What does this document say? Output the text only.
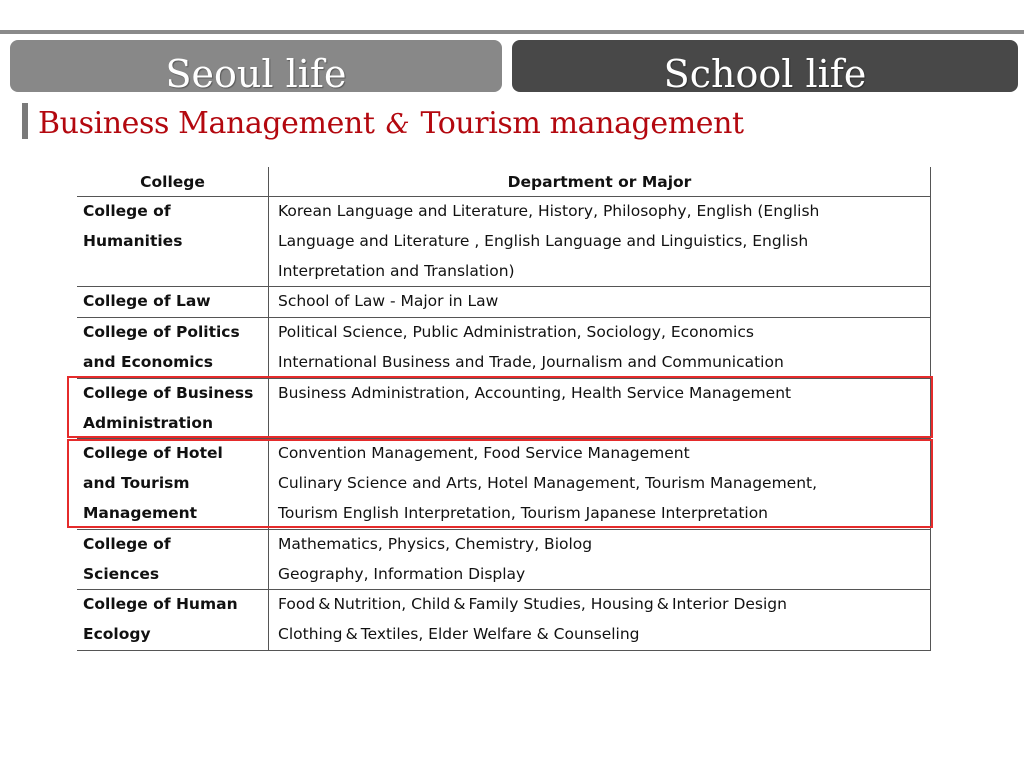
Seoul life	School life
Business Management & Tourism management
College	Department or Major

College of
Humanities	Korean Language and Literature, History, Philosophy, English (English
Language and Literature , English Language and Linguistics, English
Interpretation and Translation)

College of Law	School of Law - Major in Law

College of Politics
and Economics	Political Science, Public Administration, Sociology, Economics
International Business and Trade, Journalism and Communication

College of Business
Administration	Business Administration, Accounting, Health Service Management

College of Hotel
and Tourism
Management	Convention Management, Food Service Management
Culinary Science and Arts, Hotel Management, Tourism Management,
Tourism English Interpretation, Tourism Japanese Interpretation

College of
Sciences	Mathematics, Physics, Chemistry, Biolog
Geography, Information Display

College of Human
Ecology	Food & Nutrition, Child & Family Studies, Housing & Interior Design
Clothing & Textiles, Elder Welfare & Counseling
